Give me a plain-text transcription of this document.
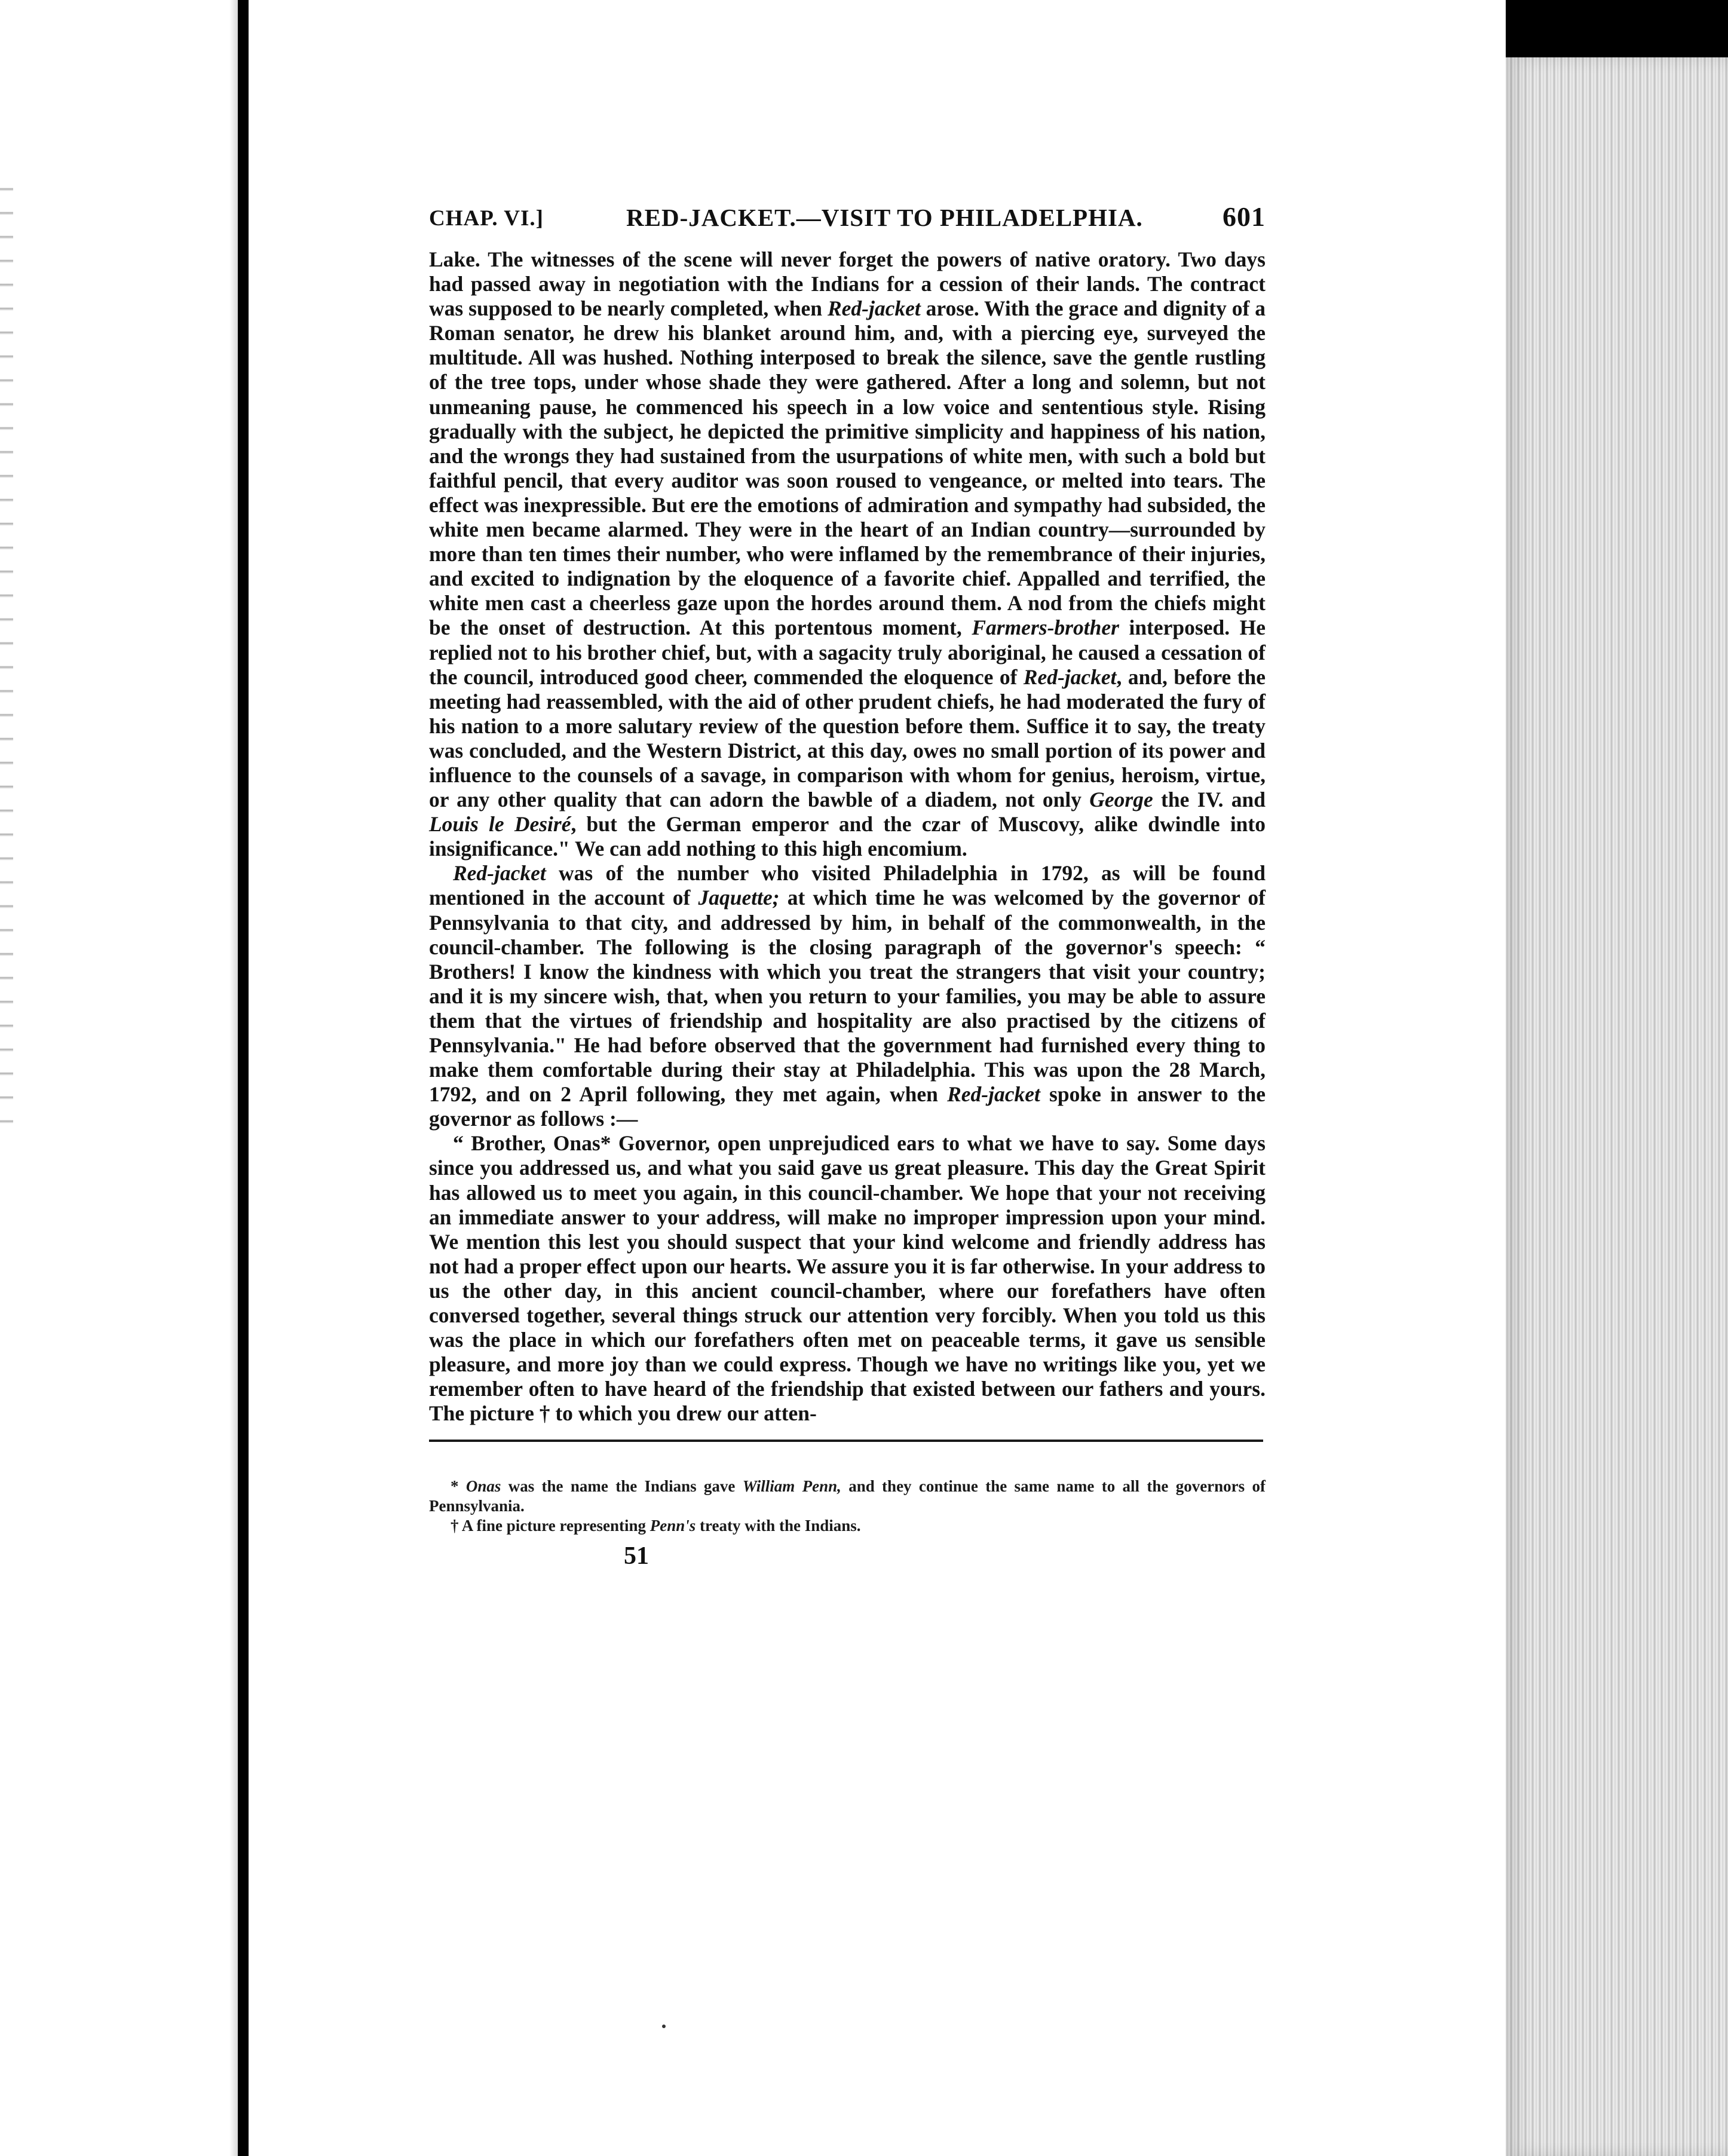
CHAP. VI.]	RED-JACKET.—VISIT TO PHILADELPHIA.	601

Lake. The witnesses of the scene will never forget the powers of native oratory. Two days had passed away in negotiation with the Indians for a cession of their lands. The contract was supposed to be nearly completed, when Red-jacket arose. With the grace and dignity of a Roman senator, he drew his blanket around him, and, with a piercing eye, surveyed the multitude. All was hushed. Nothing interposed to break the silence, save the gentle rustling of the tree tops, under whose shade they were gathered. After a long and solemn, but not unmeaning pause, he commenced his speech in a low voice and sententious style. Rising gradually with the subject, he depicted the primitive simplicity and happiness of his nation, and the wrongs they had sustained from the usurpations of white men, with such a bold but faithful pencil, that every auditor was soon roused to vengeance, or melted into tears. The effect was inexpressible. But ere the emotions of admiration and sympathy had subsided, the white men became alarmed. They were in the heart of an Indian country—surrounded by more than ten times their number, who were inflamed by the remembrance of their injuries, and excited to indignation by the eloquence of a favorite chief. Appalled and terrified, the white men cast a cheerless gaze upon the hordes around them. A nod from the chiefs might be the onset of destruction. At this portentous moment, Farmers-brother interposed. He replied not to his brother chief, but, with a sagacity truly aboriginal, he caused a cessation of the council, introduced good cheer, commended the eloquence of Red-jacket, and, before the meeting had reassembled, with the aid of other prudent chiefs, he had moderated the fury of his nation to a more salutary review of the question before them. Suffice it to say, the treaty was concluded, and the Western District, at this day, owes no small portion of its power and influence to the counsels of a savage, in comparison with whom for genius, heroism, virtue, or any other quality that can adorn the bawble of a diadem, not only George the IV. and Louis le Desiré, but the German emperor and the czar of Muscovy, alike dwindle into insignificance." We can add nothing to this high encomium.

Red-jacket was of the number who visited Philadelphia in 1792, as will be found mentioned in the account of Jaquette; at which time he was welcomed by the governor of Pennsylvania to that city, and addressed by him, in behalf of the commonwealth, in the council-chamber. The following is the closing paragraph of the governor's speech: “ Brothers! I know the kindness with which you treat the strangers that visit your country; and it is my sincere wish, that, when you return to your families, you may be able to assure them that the virtues of friendship and hospitality are also practised by the citizens of Pennsylvania." He had before observed that the government had furnished every thing to make them comfortable during their stay at Philadelphia. This was upon the 28 March, 1792, and on 2 April following, they met again, when Red-jacket spoke in answer to the governor as follows :—

“ Brother, Onas* Governor, open unprejudiced ears to what we have to say. Some days since you addressed us, and what you said gave us great pleasure. This day the Great Spirit has allowed us to meet you again, in this council-chamber. We hope that your not receiving an immediate answer to your address, will make no improper impression upon your mind. We mention this lest you should suspect that your kind welcome and friendly address has not had a proper effect upon our hearts. We assure you it is far otherwise. In your address to us the other day, in this ancient council-chamber, where our forefathers have often conversed together, several things struck our attention very forcibly. When you told us this was the place in which our forefathers often met on peaceable terms, it gave us sensible pleasure, and more joy than we could express. Though we have no writings like you, yet we remember often to have heard of the friendship that existed between our fathers and yours. The picture † to which you drew our atten-

* Onas was the name the Indians gave William Penn, and they continue the same name to all the governors of Pennsylvania.

† A fine picture representing Penn's treaty with the Indians.

51
